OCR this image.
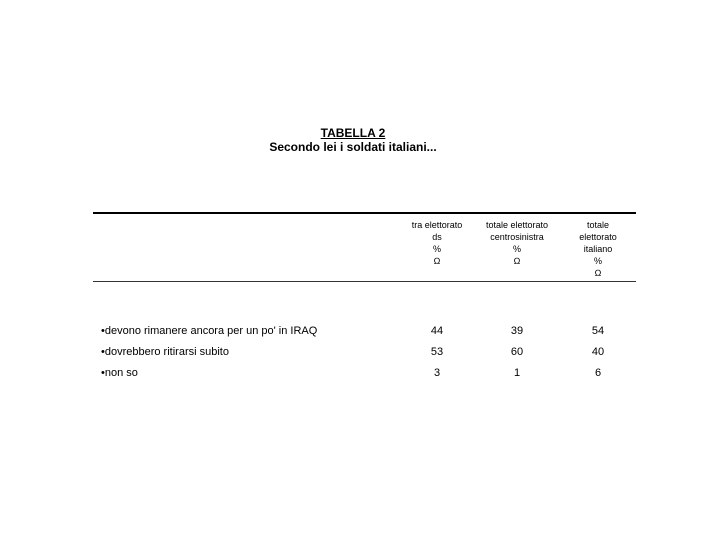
TABELLA 2
Secondo lei i soldati italiani...
tra elettorato
ds
%
Ω
totale elettorato
centrosinistra
%
Ω
totale
elettorato
italiano
%
Ω
•devono rimanere ancora per un po' in IRAQ	44	39	54
•dovrebbero ritirarsi subito	53	60	40
•non so	3	1	6
